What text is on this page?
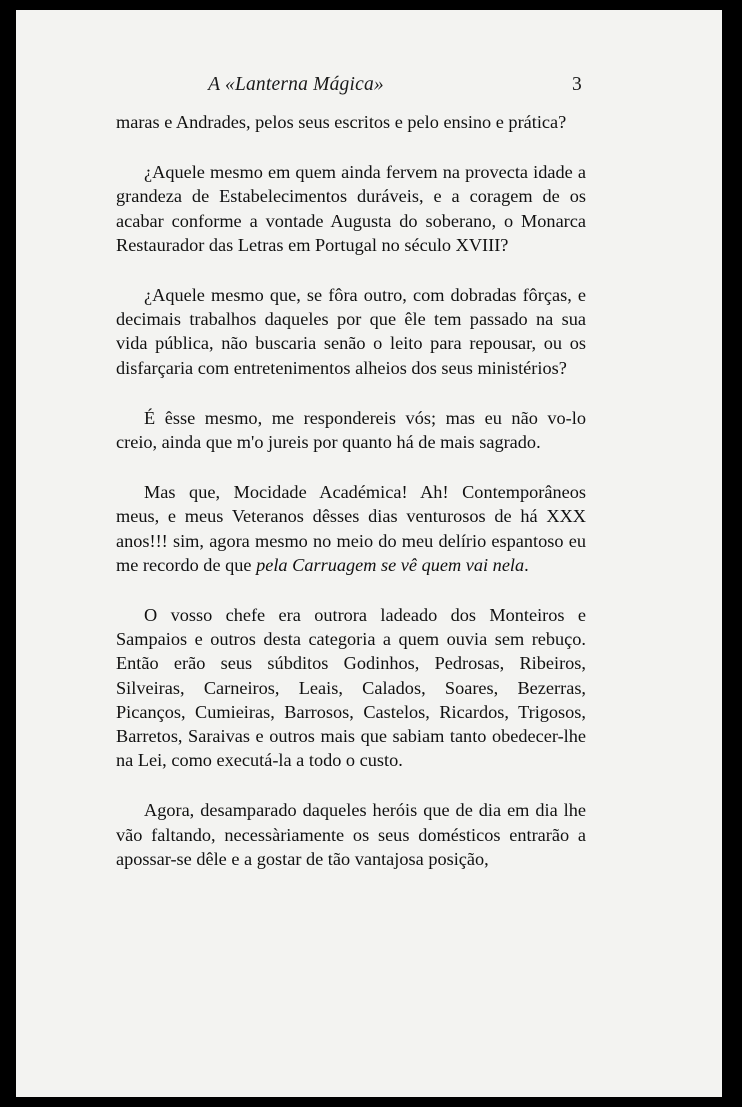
A «Lanterna Mágica»	3

maras e Andrades, pelos seus escritos e pelo ensino e prática?

¿Aquele mesmo em quem ainda fervem na provecta idade a grandeza de Estabelecimentos duráveis, e a coragem de os acabar conforme a vontade Augusta do soberano, o Monarca Restaurador das Letras em Portugal no século XVIII?

¿Aquele mesmo que, se fôra outro, com dobradas fôrças, e decimais trabalhos daqueles por que êle tem passado na sua vida pública, não buscaria senão o leito para repousar, ou os disfarçaria com entretenimentos alheios dos seus ministérios?

É êsse mesmo, me respondereis vós; mas eu não vo-lo creio, ainda que m'o jureis por quanto há de mais sagrado.

Mas que, Mocidade Académica! Ah! Contemporâneos meus, e meus Veteranos dêsses dias venturosos de há XXX anos!!! sim, agora mesmo no meio do meu delírio espantoso eu me recordo de que pela Carruagem se vê quem vai nela.

O vosso chefe era outrora ladeado dos Monteiros e Sampaios e outros desta categoria a quem ouvia sem rebuço. Então erão seus súbditos Godinhos, Pedrosas, Ribeiros, Silveiras, Carneiros, Leais, Calados, Soares, Bezerras, Picanços, Cumieiras, Barrosos, Castelos, Ricardos, Trigosos, Barretos, Saraivas e outros mais que sabiam tanto obedecer-lhe na Lei, como executá-la a todo o custo.

Agora, desamparado daqueles heróis que de dia em dia lhe vão faltando, necessàriamente os seus domésticos entrarão a apossar-se dêle e a gostar de tão vantajosa posição,
